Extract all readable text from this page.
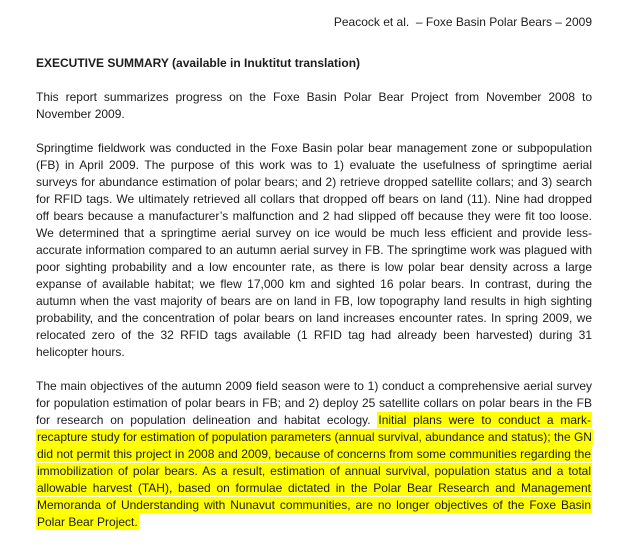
Peacock et al.  – Foxe Basin Polar Bears – 2009
EXECUTIVE SUMMARY (available in Inuktitut translation)

This report summarizes progress on the Foxe Basin Polar Bear Project from November 2008 to November 2009.

Springtime fieldwork was conducted in the Foxe Basin polar bear management zone or subpopulation (FB) in April 2009. The purpose of this work was to 1) evaluate the usefulness of springtime aerial surveys for abundance estimation of polar bears; and 2) retrieve dropped satellite collars; and 3) search for RFID tags. We ultimately retrieved all collars that dropped off bears on land (11). Nine had dropped off bears because a manufacturer’s malfunction and 2 had slipped off because they were fit too loose. We determined that a springtime aerial survey on ice would be much less efficient and provide less-accurate information compared to an autumn aerial survey in FB. The springtime work was plagued with poor sighting probability and a low encounter rate, as there is low polar bear density across a large expanse of available habitat; we flew 17,000 km and sighted 16 polar bears. In contrast, during the autumn when the vast majority of bears are on land in FB, low topography land results in high sighting probability, and the concentration of polar bears on land increases encounter rates. In spring 2009, we relocated zero of the 32 RFID tags available (1 RFID tag had already been harvested) during 31 helicopter hours.

The main objectives of the autumn 2009 field season were to 1) conduct a comprehensive aerial survey for population estimation of polar bears in FB; and 2) deploy 25 satellite collars on polar bears in the FB for research on population delineation and habitat ecology. Initial plans were to conduct a mark-recapture study for estimation of population parameters (annual survival, abundance and status); the GN did not permit this project in 2008 and 2009, because of concerns from some communities regarding the immobilization of polar bears. As a result, estimation of annual survival, population status and a total allowable harvest (TAH), based on formulae dictated in the Polar Bear Research and Management Memoranda of Understanding with Nunavut communities, are no longer objectives of the Foxe Basin Polar Bear Project.
